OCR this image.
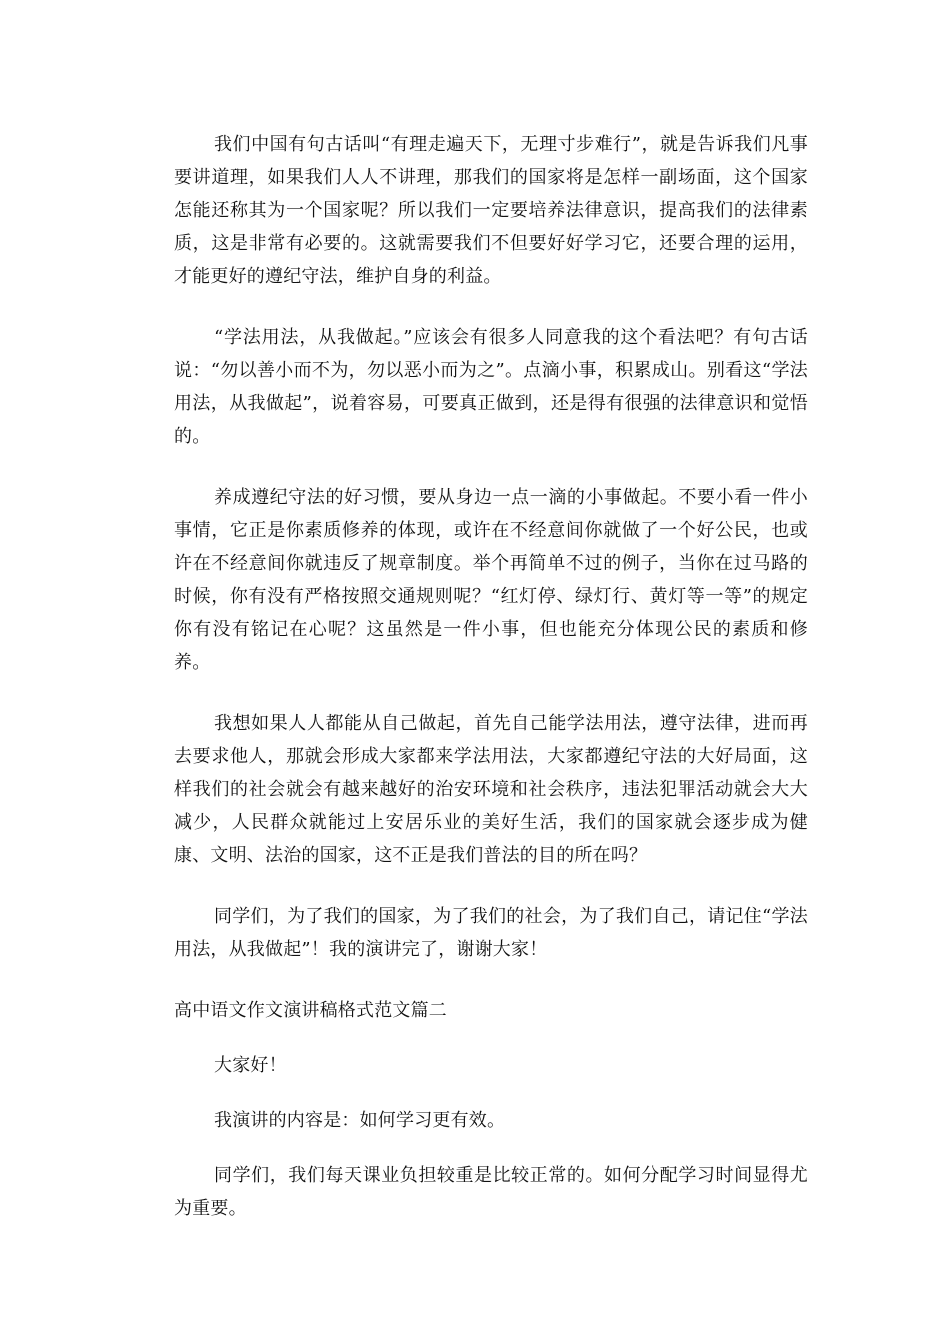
我们中国有句古话叫“有理走遍天下，无理寸步难行”，就是告诉我们凡事要讲道理，如果我们人人不讲理，那我们的国家将是怎样一副场面，这个国家怎能还称其为一个国家呢？所以我们一定要培养法律意识，提高我们的法律素质，这是非常有必要的。这就需要我们不但要好好学习它，还要合理的运用，才能更好的遵纪守法，维护自身的利益。

“学法用法，从我做起。”应该会有很多人同意我的这个看法吧？有句古话说：“勿以善小而不为，勿以恶小而为之”。点滴小事，积累成山。别看这“学法用法，从我做起”，说着容易，可要真正做到，还是得有很强的法律意识和觉悟的。

养成遵纪守法的好习惯，要从身边一点一滴的小事做起。不要小看一件小事情，它正是你素质修养的体现，或许在不经意间你就做了一个好公民，也或许在不经意间你就违反了规章制度。举个再简单不过的例子，当你在过马路的时候，你有没有严格按照交通规则呢？“红灯停、绿灯行、黄灯等一等”的规定你有没有铭记在心呢？这虽然是一件小事，但也能充分体现公民的素质和修养。

我想如果人人都能从自己做起，首先自己能学法用法，遵守法律，进而再去要求他人，那就会形成大家都来学法用法，大家都遵纪守法的大好局面，这样我们的社会就会有越来越好的治安环境和社会秩序，违法犯罪活动就会大大减少，人民群众就能过上安居乐业的美好生活，我们的国家就会逐步成为健康、文明、法治的国家，这不正是我们普法的目的所在吗？

同学们，为了我们的国家，为了我们的社会，为了我们自己，请记住“学法用法，从我做起”！我的演讲完了，谢谢大家！

高中语文作文演讲稿格式范文篇二

大家好！

我演讲的内容是：如何学习更有效。

同学们，我们每天课业负担较重是比较正常的。如何分配学习时间显得尤为重要。
